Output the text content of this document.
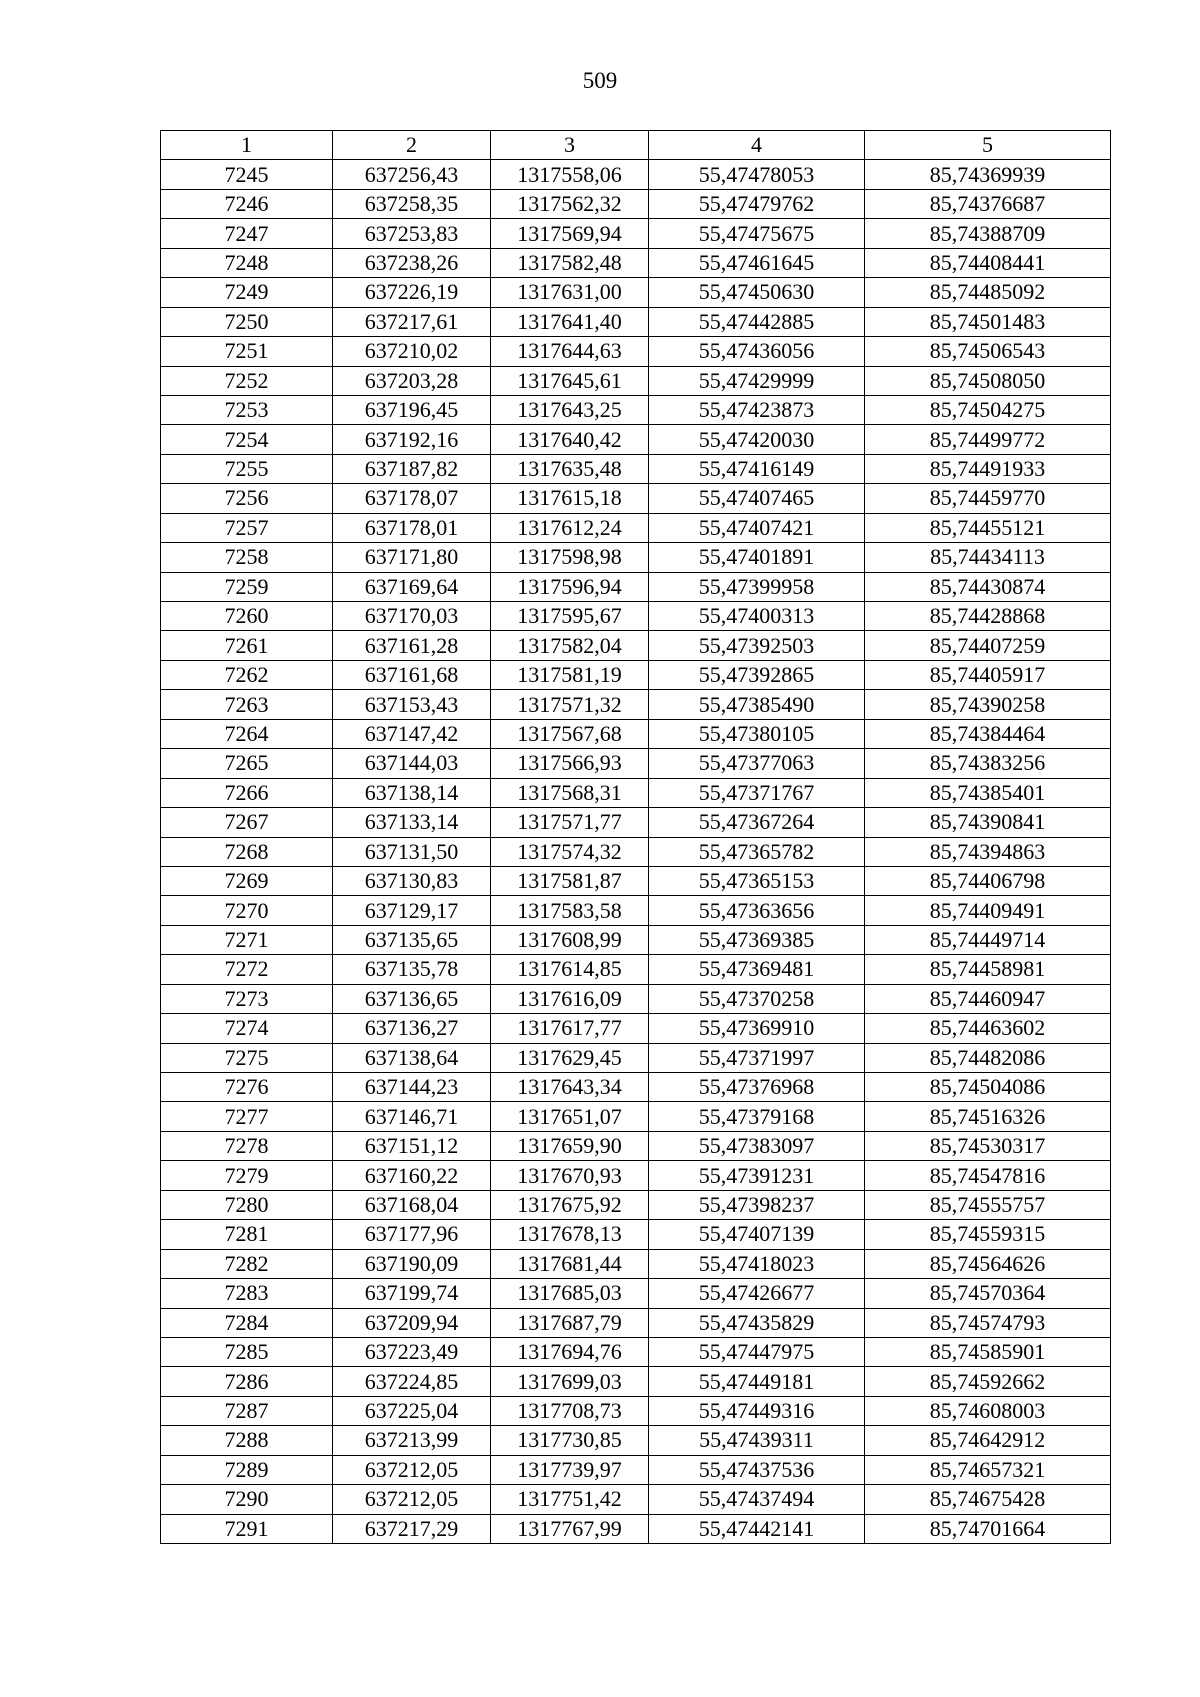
509
1	2	3	4	5
7245	637256,43	1317558,06	55,47478053	85,74369939
7246	637258,35	1317562,32	55,47479762	85,74376687
7247	637253,83	1317569,94	55,47475675	85,74388709
7248	637238,26	1317582,48	55,47461645	85,74408441
7249	637226,19	1317631,00	55,47450630	85,74485092
7250	637217,61	1317641,40	55,47442885	85,74501483
7251	637210,02	1317644,63	55,47436056	85,74506543
7252	637203,28	1317645,61	55,47429999	85,74508050
7253	637196,45	1317643,25	55,47423873	85,74504275
7254	637192,16	1317640,42	55,47420030	85,74499772
7255	637187,82	1317635,48	55,47416149	85,74491933
7256	637178,07	1317615,18	55,47407465	85,74459770
7257	637178,01	1317612,24	55,47407421	85,74455121
7258	637171,80	1317598,98	55,47401891	85,74434113
7259	637169,64	1317596,94	55,47399958	85,74430874
7260	637170,03	1317595,67	55,47400313	85,74428868
7261	637161,28	1317582,04	55,47392503	85,74407259
7262	637161,68	1317581,19	55,47392865	85,74405917
7263	637153,43	1317571,32	55,47385490	85,74390258
7264	637147,42	1317567,68	55,47380105	85,74384464
7265	637144,03	1317566,93	55,47377063	85,74383256
7266	637138,14	1317568,31	55,47371767	85,74385401
7267	637133,14	1317571,77	55,47367264	85,74390841
7268	637131,50	1317574,32	55,47365782	85,74394863
7269	637130,83	1317581,87	55,47365153	85,74406798
7270	637129,17	1317583,58	55,47363656	85,74409491
7271	637135,65	1317608,99	55,47369385	85,74449714
7272	637135,78	1317614,85	55,47369481	85,74458981
7273	637136,65	1317616,09	55,47370258	85,74460947
7274	637136,27	1317617,77	55,47369910	85,74463602
7275	637138,64	1317629,45	55,47371997	85,74482086
7276	637144,23	1317643,34	55,47376968	85,74504086
7277	637146,71	1317651,07	55,47379168	85,74516326
7278	637151,12	1317659,90	55,47383097	85,74530317
7279	637160,22	1317670,93	55,47391231	85,74547816
7280	637168,04	1317675,92	55,47398237	85,74555757
7281	637177,96	1317678,13	55,47407139	85,74559315
7282	637190,09	1317681,44	55,47418023	85,74564626
7283	637199,74	1317685,03	55,47426677	85,74570364
7284	637209,94	1317687,79	55,47435829	85,74574793
7285	637223,49	1317694,76	55,47447975	85,74585901
7286	637224,85	1317699,03	55,47449181	85,74592662
7287	637225,04	1317708,73	55,47449316	85,74608003
7288	637213,99	1317730,85	55,47439311	85,74642912
7289	637212,05	1317739,97	55,47437536	85,74657321
7290	637212,05	1317751,42	55,47437494	85,74675428
7291	637217,29	1317767,99	55,47442141	85,74701664
